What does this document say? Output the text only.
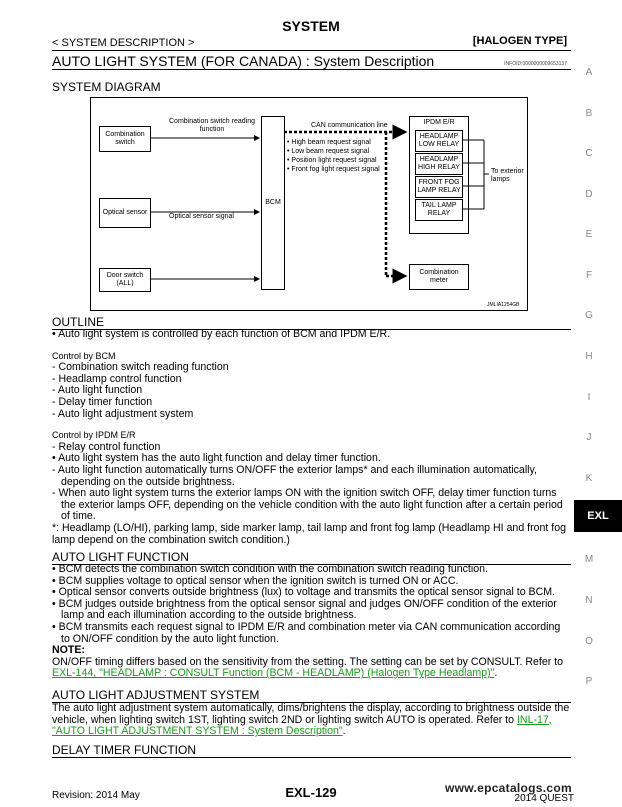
SYSTEM
< SYSTEM DESCRIPTION >	[HALOGEN TYPE]
AUTO LIGHT SYSTEM (FOR CANADA) : System Description	INFOID:0000000009653137
SYSTEM DIAGRAM
Combination switch
Optical sensor
Door switch (ALL)
BCM
Combination switch reading function
Optical sensor signal
CAN communication line
• High beam request signal
• Low beam request signal
• Position light request signal
• Front fog light request signal
IPDM E/R
HEADLAMP LOW RELAY
HEADLAMP HIGH RELAY
FRONT FOG LAMP RELAY
TAIL LAMP RELAY
To exterior lamps
Combination meter
JMLIA1254GB
OUTLINE
• Auto light system is controlled by each function of BCM and IPDM E/R.
Control by BCM
- Combination switch reading function
- Headlamp control function
- Auto light function
- Delay timer function
- Auto light adjustment system
Control by IPDM E/R
- Relay control function
• Auto light system has the auto light function and delay timer function.
- Auto light function automatically turns ON/OFF the exterior lamps* and each illumination automatically, depending on the outside brightness.
- When auto light system turns the exterior lamps ON with the ignition switch OFF, delay timer function turns the exterior lamps OFF, depending on the vehicle condition with the auto light function after a certain period of time.
*: Headlamp (LO/HI), parking lamp, side marker lamp, tail lamp and front fog lamp (Headlamp HI and front fog lamp depend on the combination switch condition.)
AUTO LIGHT FUNCTION
• BCM detects the combination switch condition with the combination switch reading function.
• BCM supplies voltage to optical sensor when the ignition switch is turned ON or ACC.
• Optical sensor converts outside brightness (lux) to voltage and transmits the optical sensor signal to BCM.
• BCM judges outside brightness from the optical sensor signal and judges ON/OFF condition of the exterior lamp and each illumination according to the outside brightness.
• BCM transmits each request signal to IPDM E/R and combination meter via CAN communication according to ON/OFF condition by the auto light function.
NOTE:
ON/OFF timing differs based on the sensitivity from the setting. The setting can be set by CONSULT. Refer to EXL-144, "HEADLAMP : CONSULT Function (BCM - HEADLAMP) (Halogen Type Headlamp)".
AUTO LIGHT ADJUSTMENT SYSTEM
The auto light adjustment system automatically, dims/brightens the display, according to brightness outside the vehicle, when lighting switch 1ST, lighting switch 2ND or lighting switch AUTO is operated. Refer to INL-17, "AUTO LIGHT ADJUSTMENT SYSTEM : System Description".
DELAY TIMER FUNCTION
A
B
C
D
E
F
G
H
I
J
K
EXL
M
N
O
P
Revision: 2014 May	EXL-129	2014 QUEST
www.epcatalogs.com
